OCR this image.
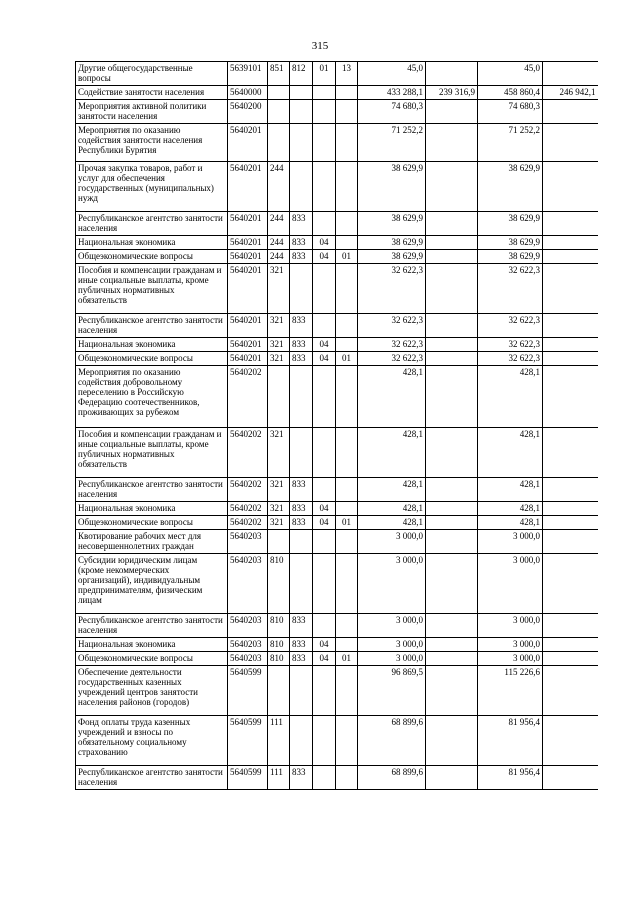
315
Другие общегосударственные вопросы	5639101	851	812	01	13	45,0		45,0	
Содействие занятости населения	5640000					433 288,1	239 316,9	458 860,4	246 942,1
Мероприятия активной политики занятости населения	5640200					74 680,3		74 680,3	
Мероприятия по оказанию содействия занятости населения Республики Бурятия	5640201					71 252,2		71 252,2	
Прочая закупка товаров, работ и услуг для обеспечения государственных (муниципальных) нужд	5640201	244				38 629,9		38 629,9	
Республиканское агентство занятости населения	5640201	244	833			38 629,9		38 629,9	
Национальная экономика	5640201	244	833	04		38 629,9		38 629,9	
Общеэкономические вопросы	5640201	244	833	04	01	38 629,9		38 629,9	
Пособия и компенсации гражданам и иные социальные выплаты, кроме публичных нормативных обязательств	5640201	321				32 622,3		32 622,3	
Республиканское агентство занятости населения	5640201	321	833			32 622,3		32 622,3	
Национальная экономика	5640201	321	833	04		32 622,3		32 622,3	
Общеэкономические вопросы	5640201	321	833	04	01	32 622,3		32 622,3	
Мероприятия по оказанию содействия добровольному переселению в Российскую Федерацию соотечественников, проживающих за рубежом	5640202					428,1		428,1	
Пособия и компенсации гражданам и иные социальные выплаты, кроме публичных нормативных обязательств	5640202	321				428,1		428,1	
Республиканское агентство занятости населения	5640202	321	833			428,1		428,1	
Национальная экономика	5640202	321	833	04		428,1		428,1	
Общеэкономические вопросы	5640202	321	833	04	01	428,1		428,1	
Квотирование рабочих мест для несовершеннолетних граждан	5640203					3 000,0		3 000,0	
Субсидии юридическим лицам (кроме некоммерческих организаций), индивидуальным предпринимателям, физическим лицам	5640203	810				3 000,0		3 000,0	
Республиканское агентство занятости населения	5640203	810	833			3 000,0		3 000,0	
Национальная экономика	5640203	810	833	04		3 000,0		3 000,0	
Общеэкономические вопросы	5640203	810	833	04	01	3 000,0		3 000,0	
Обеспечение деятельности государственных казенных учреждений центров занятости населения районов (городов)	5640599					96 869,5		115 226,6	
Фонд оплаты труда казенных учреждений и взносы по обязательному социальному страхованию	5640599	111				68 899,6		81 956,4	
Республиканское агентство занятости населения	5640599	111	833			68 899,6		81 956,4	
